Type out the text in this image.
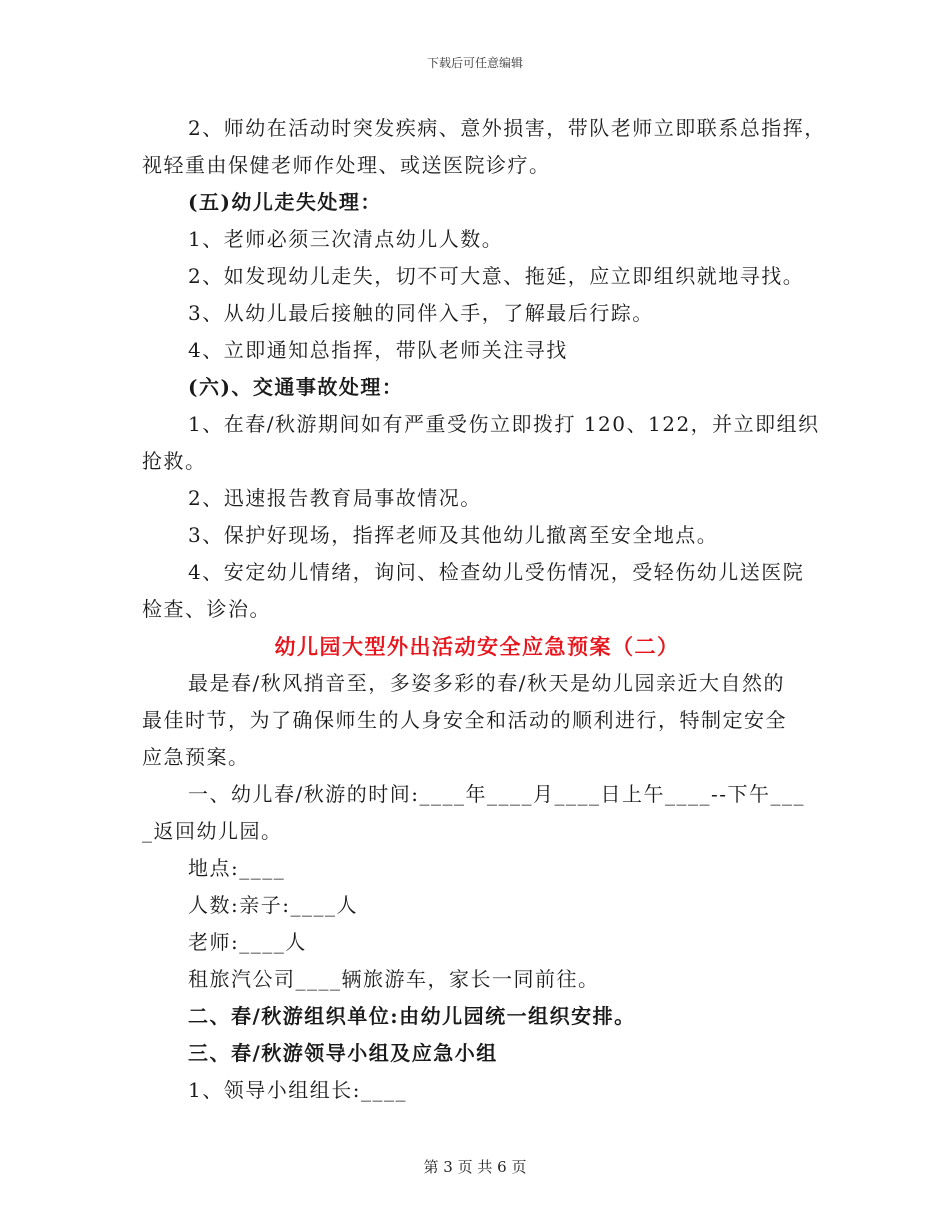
下载后可任意编辑
2、师幼在活动时突发疾病、意外损害，带队老师立即联系总指挥，
视轻重由保健老师作处理、或送医院诊疗。
(五)幼儿走失处理：
1、老师必须三次清点幼儿人数。
2、如发现幼儿走失，切不可大意、拖延，应立即组织就地寻找。
3、从幼儿最后接触的同伴入手，了解最后行踪。
4、立即通知总指挥，带队老师关注寻找
(六)、交通事故处理：
1、在春/秋游期间如有严重受伤立即拨打 120、122，并立即组织
抢救。
2、迅速报告教育局事故情况。
3、保护好现场，指挥老师及其他幼儿撤离至安全地点。
4、安定幼儿情绪，询问、检查幼儿受伤情况，受轻伤幼儿送医院
检查、诊治。
幼儿园大型外出活动安全应急预案（二）
最是春/秋风捎音至，多姿多彩的春/秋天是幼儿园亲近大自然的
最佳时节，为了确保师生的人身安全和活动的顺利进行，特制定安全
应急预案。
一、幼儿春/秋游的时间:____年____月____日上午____--下午___
_返回幼儿园。
地点:____
人数:亲子:____人
老师:____人
租旅汽公司____辆旅游车，家长一同前往。
二、春/秋游组织单位:由幼儿园统一组织安排。
三、春/秋游领导小组及应急小组
1、领导小组组长:____
第 3 页 共 6 页
